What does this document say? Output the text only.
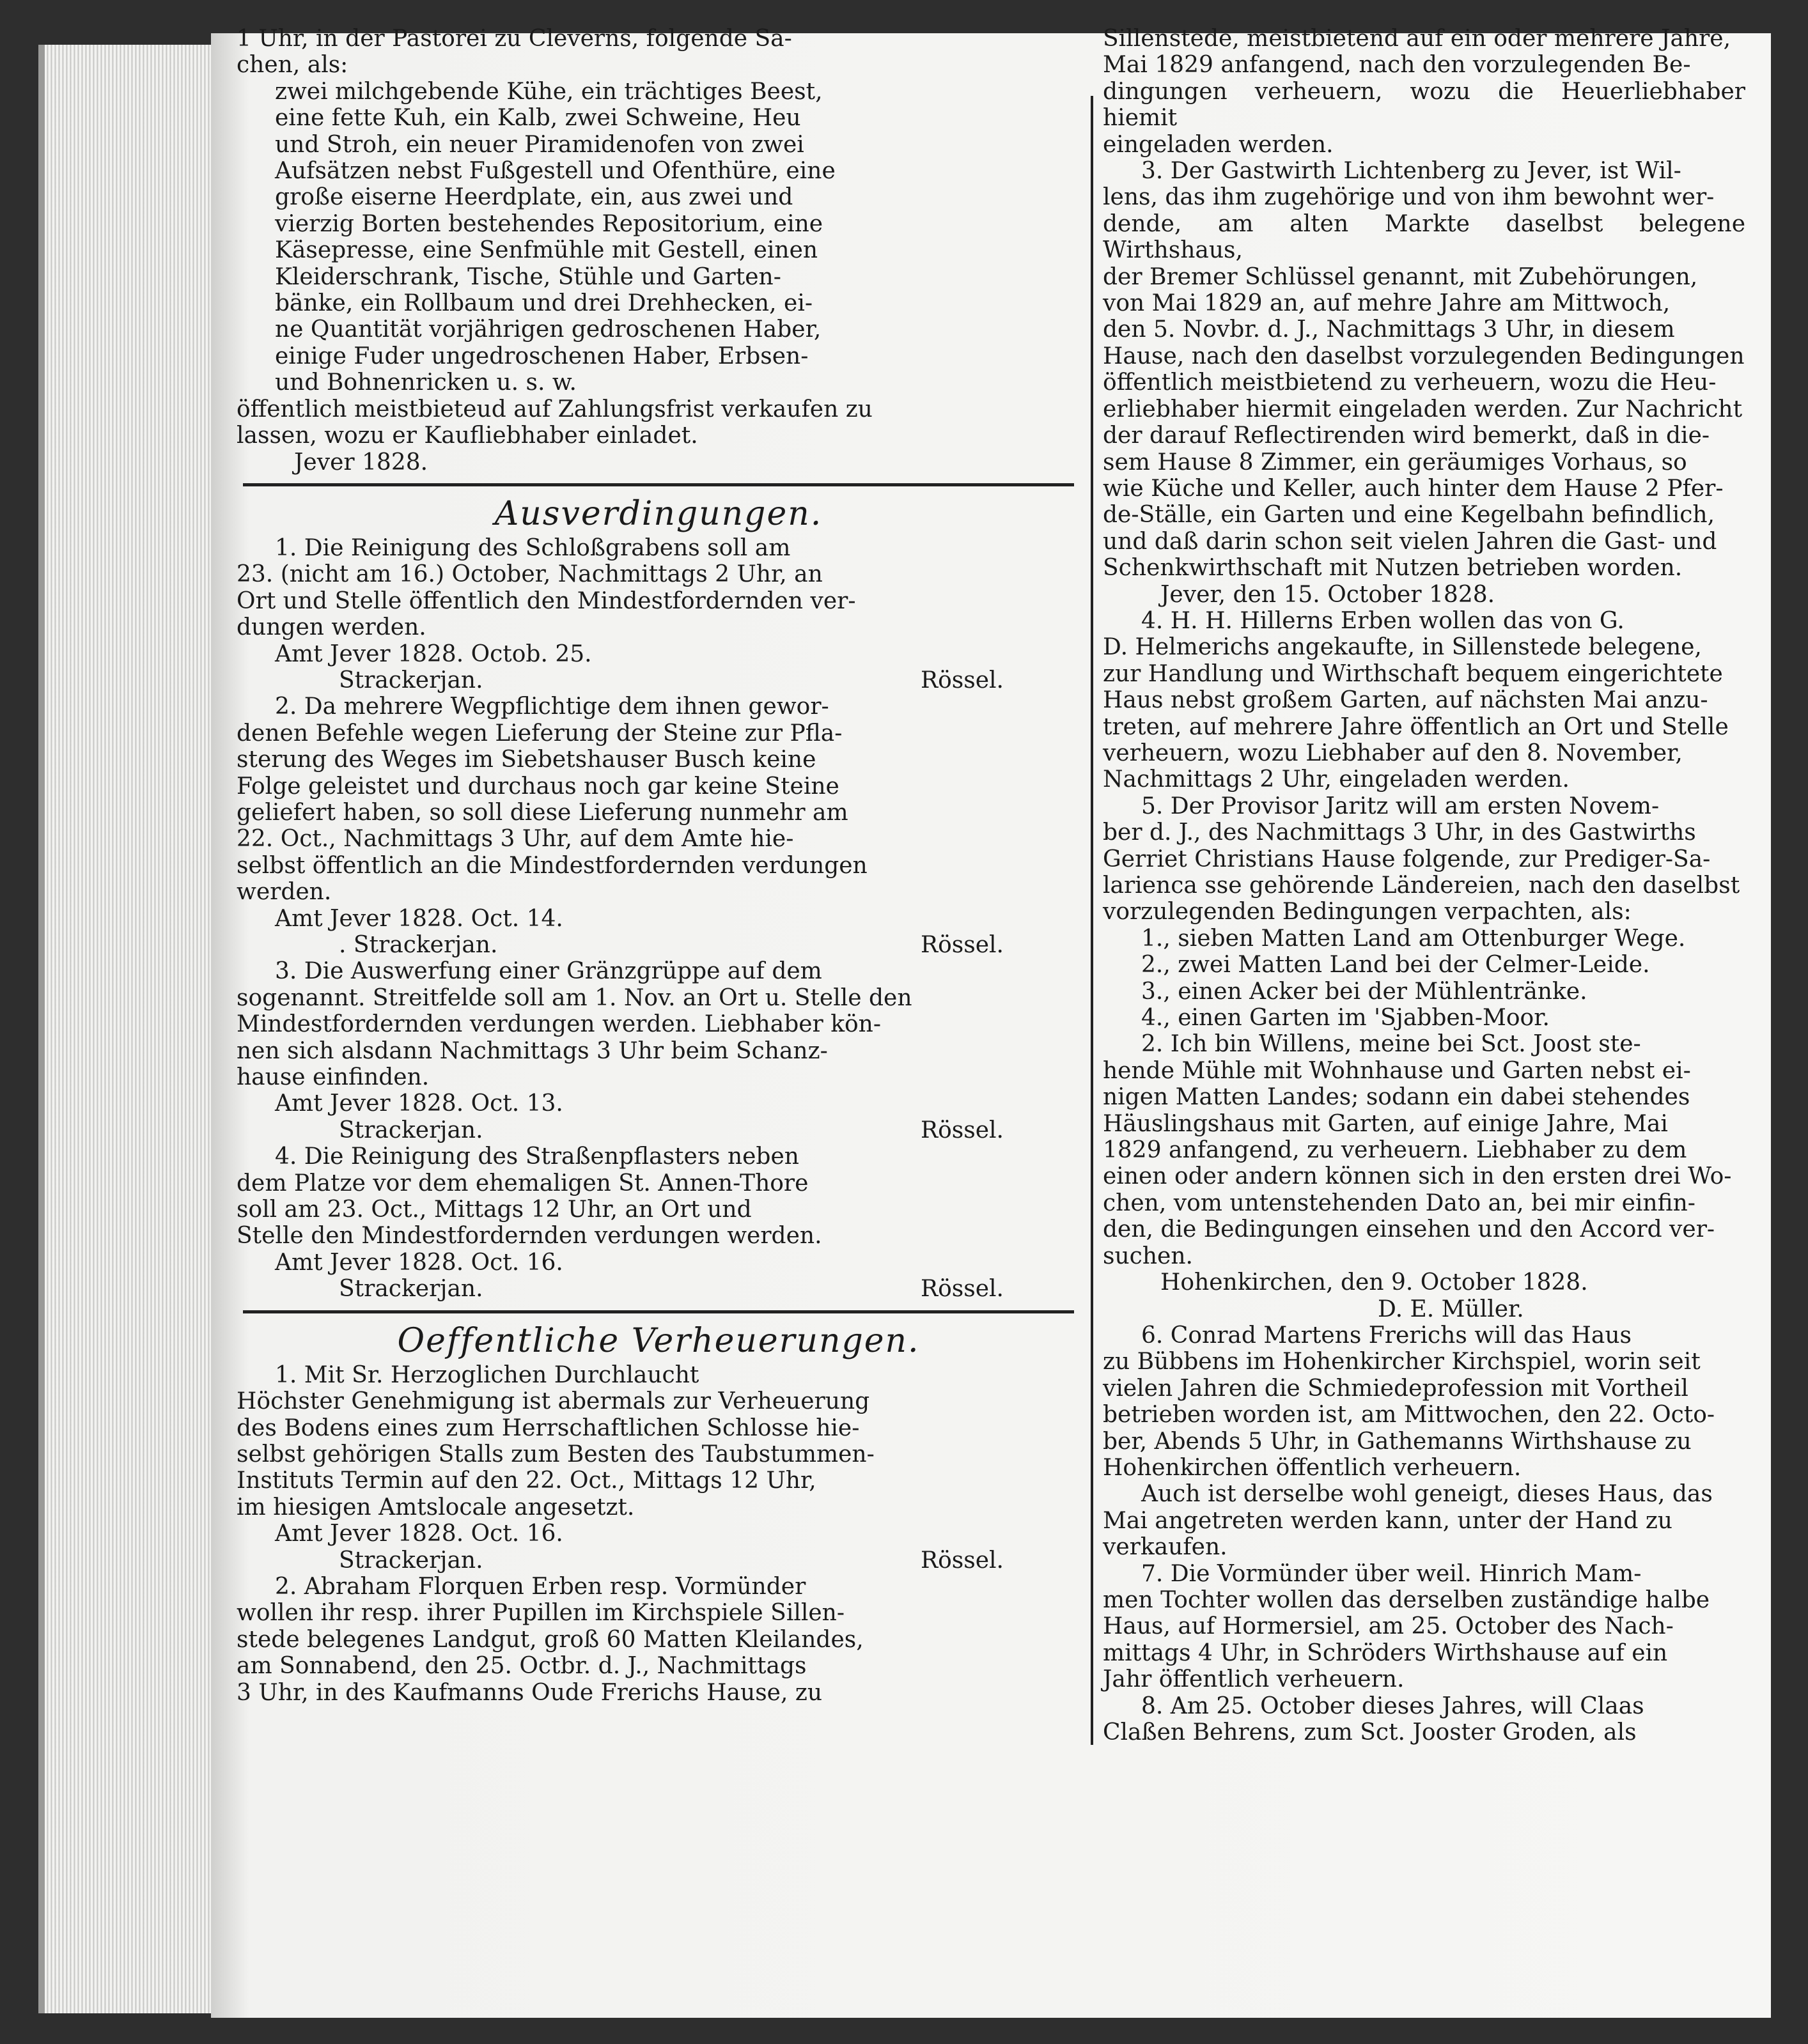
1 Uhr, in der Pastorei zu Cleverns, folgende Sa-

chen, als:

zwei milchgebende Kühe, ein trächtiges Beest,

eine fette Kuh, ein Kalb, zwei Schweine, Heu

und Stroh, ein neuer Piramidenofen von zwei

Aufsätzen nebst Fußgestell und Ofenthüre, eine

große eiserne Heerdplate, ein, aus zwei und

vierzig Borten bestehendes Repositorium, eine

Käsepresse, eine Senfmühle mit Gestell, einen

Kleiderschrank, Tische, Stühle und Garten-

bänke, ein Rollbaum und drei Drehhecken, ei-

ne Quantität vorjährigen gedroschenen Haber,

einige Fuder ungedroschenen Haber, Erbsen-

und Bohnenricken u. s. w.

öffentlich meistbieteud auf Zahlungsfrist verkaufen zu

lassen, wozu er Kaufliebhaber einladet.

Jever 1828.

Ausverdingungen.

1. Die Reinigung des Schloßgrabens soll am

23. (nicht am 16.) October, Nachmittags 2 Uhr, an

Ort und Stelle öffentlich den Mindestfordernden ver-

dungen werden.

Amt Jever 1828. Octob. 25.

Strackerjan.	Rössel.

2. Da mehrere Wegpflichtige dem ihnen gewor-

denen Befehle wegen Lieferung der Steine zur Pfla-

sterung des Weges im Siebetshauser Busch keine

Folge geleistet und durchaus noch gar keine Steine

geliefert haben, so soll diese Lieferung nunmehr am

22. Oct., Nachmittags 3 Uhr, auf dem Amte hie-

selbst öffentlich an die Mindestfordernden verdungen

werden.

Amt Jever 1828. Oct. 14.

. Strackerjan.	Rössel.

3. Die Auswerfung einer Gränzgrüppe auf dem

sogenannt. Streitfelde soll am 1. Nov. an Ort u. Stelle den

Mindestfordernden verdungen werden. Liebhaber kön-

nen sich alsdann Nachmittags 3 Uhr beim Schanz-

hause einfinden.

Amt Jever 1828. Oct. 13.

Strackerjan.	Rössel.

4. Die Reinigung des Straßenpflasters neben

dem Platze vor dem ehemaligen St. Annen-Thore

soll am 23. Oct., Mittags 12 Uhr, an Ort und

Stelle den Mindestfordernden verdungen werden.

Amt Jever 1828. Oct. 16.

Strackerjan.	Rössel.
Oeffentliche Verheuerungen.

1. Mit Sr. Herzoglichen Durchlaucht

Höchster Genehmigung ist abermals zur Verheuerung

des Bodens eines zum Herrschaftlichen Schlosse hie-

selbst gehörigen Stalls zum Besten des Taubstummen-

Instituts Termin auf den 22. Oct., Mittags 12 Uhr,

im hiesigen Amtslocale angesetzt.

Amt Jever 1828. Oct. 16.

Strackerjan.	Rössel.

2. Abraham Florquen Erben resp. Vormünder

wollen ihr resp. ihrer Pupillen im Kirchspiele Sillen-

stede belegenes Landgut, groß 60 Matten Kleilandes,

am Sonnabend, den 25. Octbr. d. J., Nachmittags

3 Uhr, in des Kaufmanns Oude Frerichs Hause, zu

Sillenstede, meistbietend auf ein oder mehrere Jahre,

Mai 1829 anfangend, nach den vorzulegenden Be-

dingungen verheuern, wozu die Heuerliebhaber hiemit

eingeladen werden.

3. Der Gastwirth Lichtenberg zu Jever, ist Wil-

lens, das ihm zugehörige und von ihm bewohnt wer-

dende, am alten Markte daselbst belegene Wirthshaus,

der Bremer Schlüssel genannt, mit Zubehörungen,

von Mai 1829 an, auf mehre Jahre am Mittwoch,

den 5. Novbr. d. J., Nachmittags 3 Uhr, in diesem

Hause, nach den daselbst vorzulegenden Bedingungen

öffentlich meistbietend zu verheuern, wozu die Heu-

erliebhaber hiermit eingeladen werden. Zur Nachricht

der darauf Reflectirenden wird bemerkt, daß in die-

sem Hause 8 Zimmer, ein geräumiges Vorhaus, so

wie Küche und Keller, auch hinter dem Hause 2 Pfer-

de-Ställe, ein Garten und eine Kegelbahn befindlich,

und daß darin schon seit vielen Jahren die Gast- und

Schenkwirthschaft mit Nutzen betrieben worden.

Jever, den 15. October 1828.

4. H. H. Hillerns Erben wollen das von G.

D. Helmerichs angekaufte, in Sillenstede belegene,

zur Handlung und Wirthschaft bequem eingerichtete

Haus nebst großem Garten, auf nächsten Mai anzu-

treten, auf mehrere Jahre öffentlich an Ort und Stelle

verheuern, wozu Liebhaber auf den 8. November,

Nachmittags 2 Uhr, eingeladen werden.

5. Der Provisor Jaritz will am ersten Novem-

ber d. J., des Nachmittags 3 Uhr, in des Gastwirths

Gerriet Christians Hause folgende, zur Prediger-Sa-

larienca sse gehörende Ländereien, nach den daselbst

vorzulegenden Bedingungen verpachten, als:

1., sieben Matten Land am Ottenburger Wege.

2., zwei Matten Land bei der Celmer-Leide.

3., einen Acker bei der Mühlentränke.

4., einen Garten im 'Sjabben-Moor.

2. Ich bin Willens, meine bei Sct. Joost ste-

hende Mühle mit Wohnhause und Garten nebst ei-

nigen Matten Landes; sodann ein dabei stehendes

Häuslingshaus mit Garten, auf einige Jahre, Mai

1829 anfangend, zu verheuern. Liebhaber zu dem

einen oder andern können sich in den ersten drei Wo-

chen, vom untenstehenden Dato an, bei mir einfin-

den, die Bedingungen einsehen und den Accord ver-

suchen.

Hohenkirchen, den 9. October 1828.

D. E. Müller.

6. Conrad Martens Frerichs will das Haus

zu Bübbens im Hohenkircher Kirchspiel, worin seit

vielen Jahren die Schmiedeprofession mit Vortheil

betrieben worden ist, am Mittwochen, den 22. Octo-

ber, Abends 5 Uhr, in Gathemanns Wirthshause zu

Hohenkirchen öffentlich verheuern.

Auch ist derselbe wohl geneigt, dieses Haus, das

Mai angetreten werden kann, unter der Hand zu

verkaufen.

7. Die Vormünder über weil. Hinrich Mam-

men Tochter wollen das derselben zuständige halbe

Haus, auf Hormersiel, am 25. October des Nach-

mittags 4 Uhr, in Schröders Wirthshause auf ein

Jahr öffentlich verheuern.

8. Am 25. October dieses Jahres, will Claas

Claßen Behrens, zum Sct. Jooster Groden, als
